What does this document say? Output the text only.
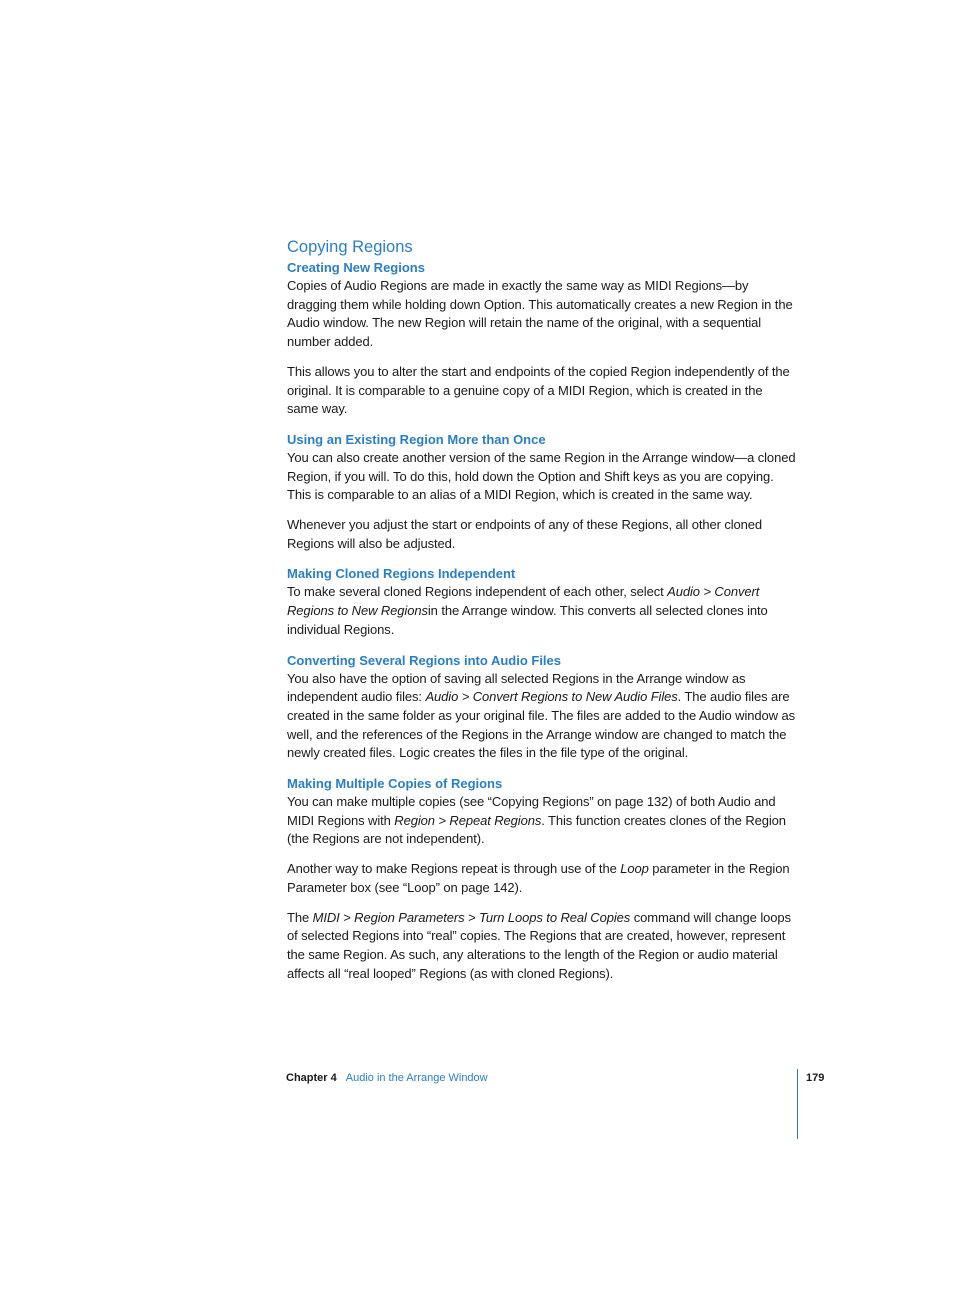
Copying Regions
Creating New Regions

Copies of Audio Regions are made in exactly the same way as MIDI Regions—by dragging them while holding down Option. This automatically creates a new Region in the Audio window. The new Region will retain the name of the original, with a sequential number added.

This allows you to alter the start and endpoints of the copied Region independently of the original. It is comparable to a genuine copy of a MIDI Region, which is created in the same way.

Using an Existing Region More than Once

You can also create another version of the same Region in the Arrange window—a cloned Region, if you will. To do this, hold down the Option and Shift keys as you are copying. This is comparable to an alias of a MIDI Region, which is created in the same way.

Whenever you adjust the start or endpoints of any of these Regions, all other cloned Regions will also be adjusted.

Making Cloned Regions Independent

To make several cloned Regions independent of each other, select Audio > Convert Regions to New Regionsin the Arrange window. This converts all selected clones into individual Regions.

Converting Several Regions into Audio Files

You also have the option of saving all selected Regions in the Arrange window as independent audio files: Audio > Convert Regions to New Audio Files. The audio files are created in the same folder as your original file. The files are added to the Audio window as well, and the references of the Regions in the Arrange window are changed to match the newly created files. Logic creates the files in the file type of the original.

Making Multiple Copies of Regions

You can make multiple copies (see “Copying Regions” on page 132) of both Audio and MIDI Regions with Region > Repeat Regions. This function creates clones of the Region (the Regions are not independent).

Another way to make Regions repeat is through use of the Loop parameter in the Region Parameter box (see “Loop” on page 142).

The MIDI > Region Parameters > Turn Loops to Real Copies command will change loops of selected Regions into “real” copies. The Regions that are created, however, represent the same Region. As such, any alterations to the length of the Region or audio material affects all “real looped” Regions (as with cloned Regions).

Chapter 4 Audio in the Arrange Window	179
